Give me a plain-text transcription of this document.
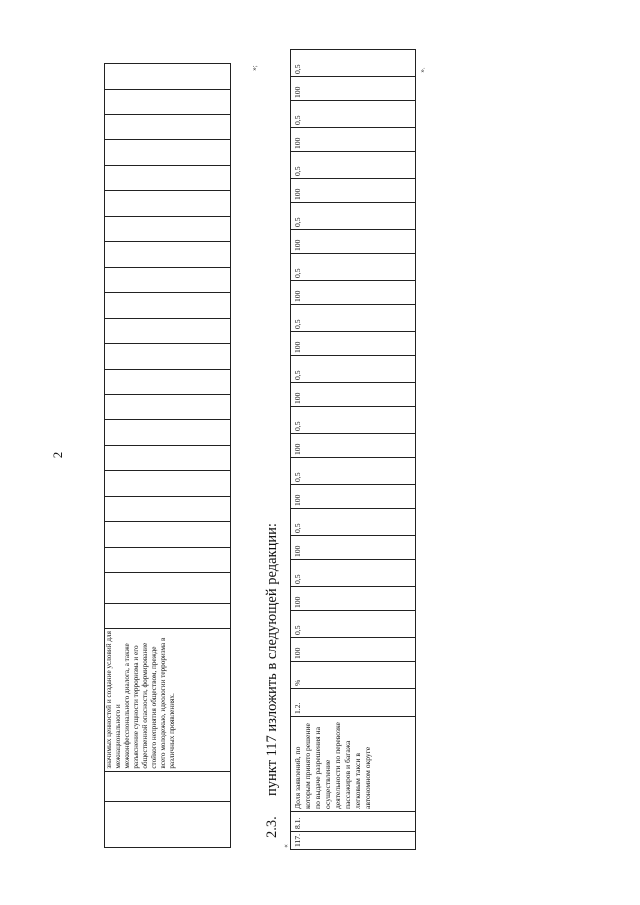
2
		значимых ценностей и создание условий для межнационального и межконфессионального диалога, а также разъяснение сущности терроризма и его общественной опасности, формирование стойкого неприятия обществом, прежде всего молодежью, идеологии терроризма в различных проявлениях.																						
»;
2.3.пункт 117 изложить в следующей редакции:
« 117.	8.1.	Доля заявлений, по которым принято решение по выдаче разрешения на осуществление деятельности по перевозке пассажиров и багажа легковым такси в автономном округе	1.2.	%	100	0,5	100	0,5	100	0,5	100	0,5	100	0,5	100	0,5	100	0,5	100	0,5	100	0,5	100	0,5	100	0,5	100	0,5	».
